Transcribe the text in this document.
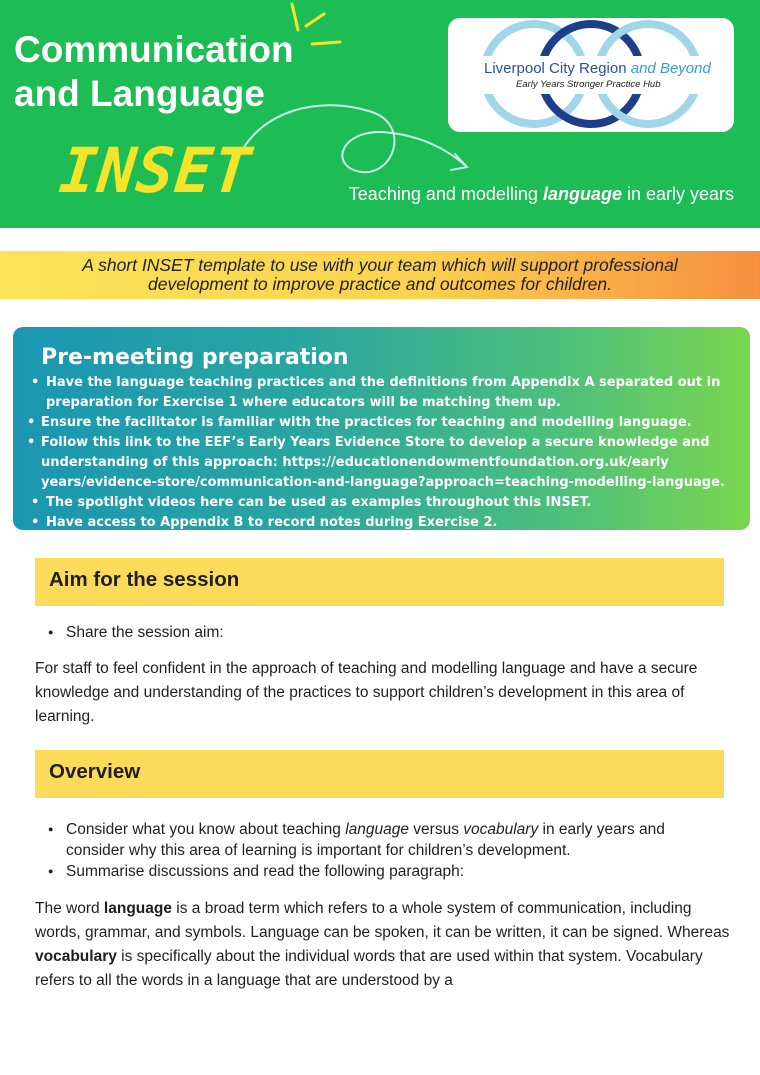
Communication
and Language
INSET	Teaching and modelling language in early years
Liverpool City Region and Beyond
Early Years Stronger Practice Hub

A short INSET template to use with your team which will support professional
development to improve practice and outcomes for children.

Pre-meeting preparation
• Have the language teaching practices and the definitions from Appendix A separated out in preparation for Exercise 1 where educators will be matching them up.
• Ensure the facilitator is familiar with the practices for teaching and modelling language.
• Follow this link to the EEF’s Early Years Evidence Store to develop a secure knowledge and understanding of this approach: https://educationendowmentfoundation.org.uk/early years/evidence-store/communication-and-language?approach=teaching-modelling-language.
• The spotlight videos here can be used as examples throughout this INSET.
• Have access to Appendix B to record notes during Exercise 2.
Aim for the session
● Share the session aim:

For staff to feel confident in the approach of teaching and modelling language and have a secure knowledge and understanding of the practices to support children’s development in this area of learning.

Overview
● Consider what you know about teaching language versus vocabulary in early years and consider why this area of learning is important for children’s development.
● Summarise discussions and read the following paragraph:

The word language is a broad term which refers to a whole system of communication, including words, grammar, and symbols. Language can be spoken, it can be written, it can be signed. Whereas vocabulary is specifically about the individual words that are used within that system. Vocabulary refers to all the words in a language that are understood by a
